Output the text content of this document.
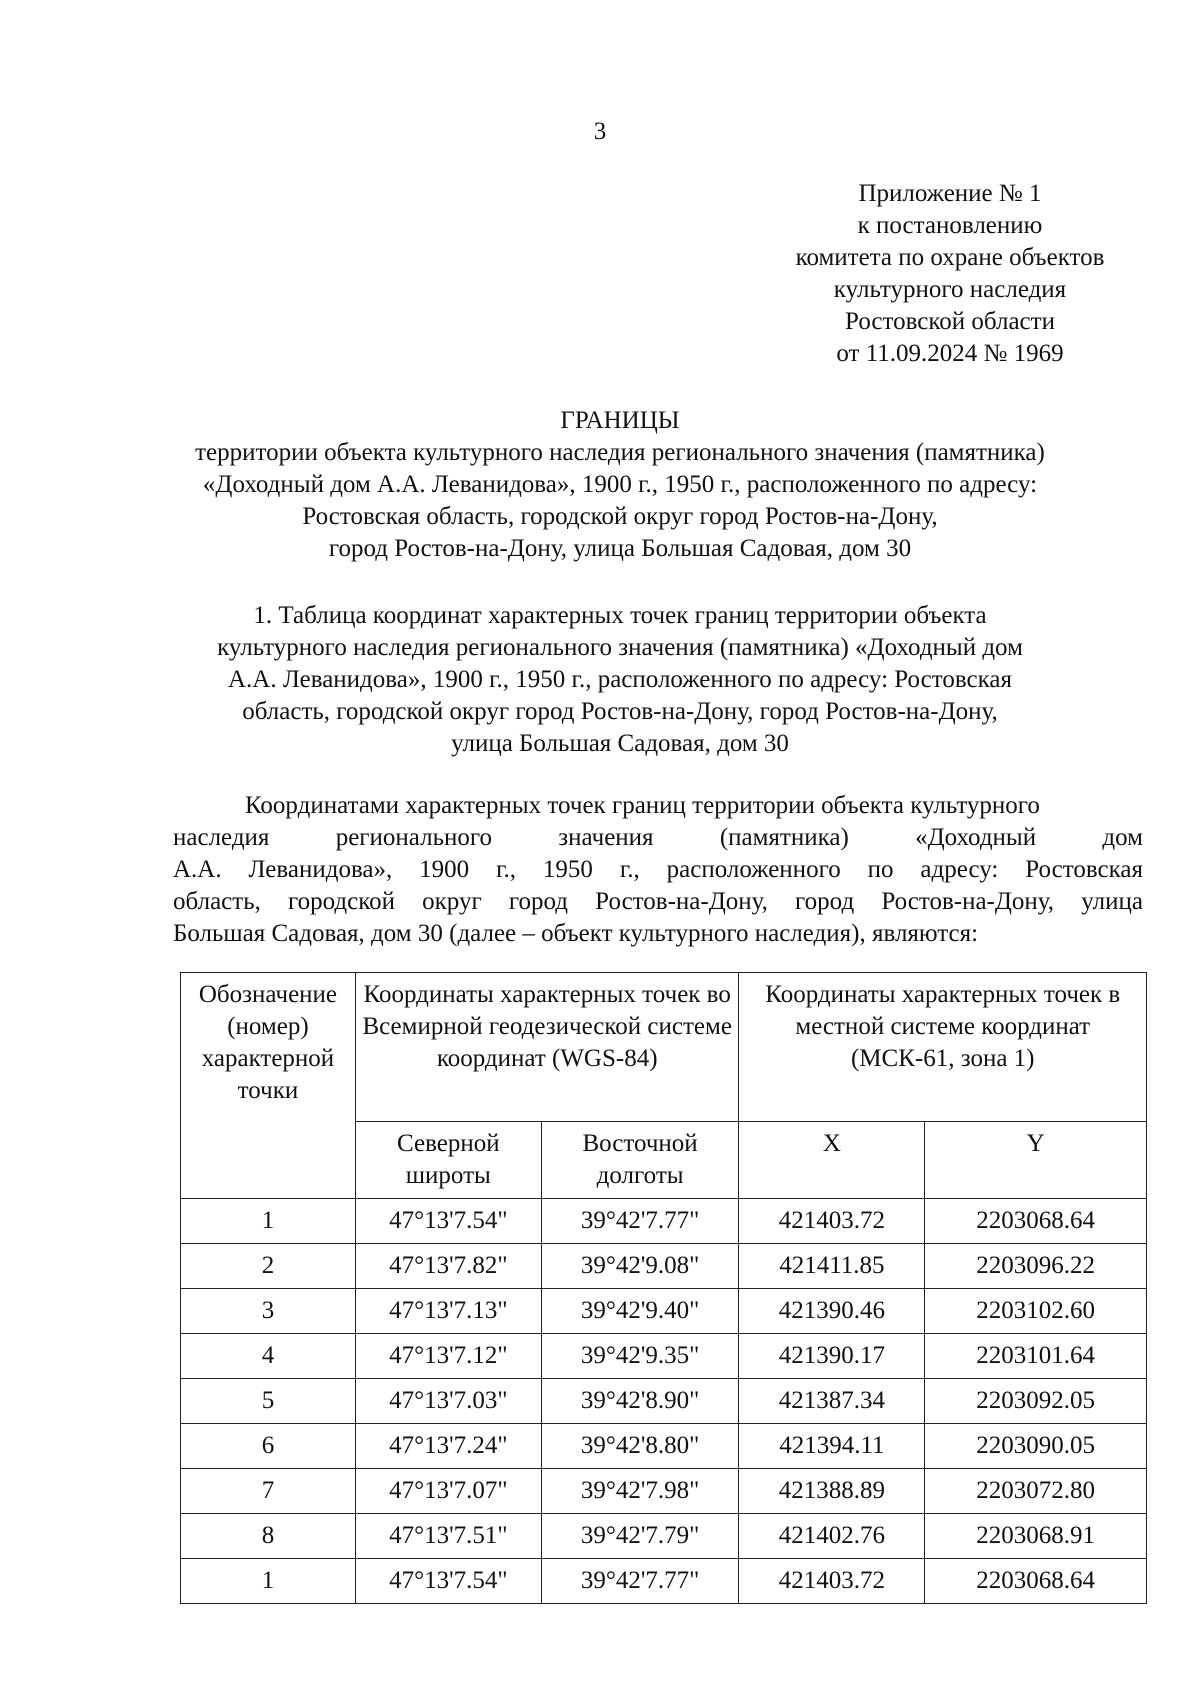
3
Приложение № 1
к постановлению
комитета по охране объектов
культурного наследия
Ростовской области
от 11.09.2024 № 1969
ГРАНИЦЫ
территории объекта культурного наследия регионального значения (памятника)
«Доходный дом А.А. Леванидова», 1900 г., 1950 г., расположенного по адресу:
Ростовская область, городской округ город Ростов-на-Дону,
город Ростов-на-Дону, улица Большая Садовая, дом 30
1. Таблица координат характерных точек границ территории объекта
культурного наследия регионального значения (памятника) «Доходный дом
А.А. Леванидова», 1900 г., 1950 г., расположенного по адресу: Ростовская
область, городской округ город Ростов-на-Дону, город Ростов-на-Дону,
улица Большая Садовая, дом 30
Координатами характерных точек границ территории объекта культурного
наследия	регионального	значения	(памятника)	«Доходный	дом
А.А. Леванидова», 1900 г., 1950 г., расположенного по адресу: Ростовская
область, городской округ город Ростов-на-Дону, город Ростов-на-Дону, улица
Большая Садовая, дом 30 (далее – объект культурного наследия), являются:
Обозначение (номер) характерной точки	Координаты характерных точек во Всемирной геодезической системе координат (WGS-84)		Координаты характерных точек в местной системе координат (МСК-61, зона 1)	
	Северной широты	Восточной долготы	X	Y
1	47°13'7.54"	39°42'7.77"	421403.72	2203068.64
2	47°13'7.82"	39°42'9.08"	421411.85	2203096.22
3	47°13'7.13"	39°42'9.40"	421390.46	2203102.60
4	47°13'7.12"	39°42'9.35"	421390.17	2203101.64
5	47°13'7.03"	39°42'8.90"	421387.34	2203092.05
6	47°13'7.24"	39°42'8.80"	421394.11	2203090.05
7	47°13'7.07"	39°42'7.98"	421388.89	2203072.80
8	47°13'7.51"	39°42'7.79"	421402.76	2203068.91
1	47°13'7.54"	39°42'7.77"	421403.72	2203068.64
